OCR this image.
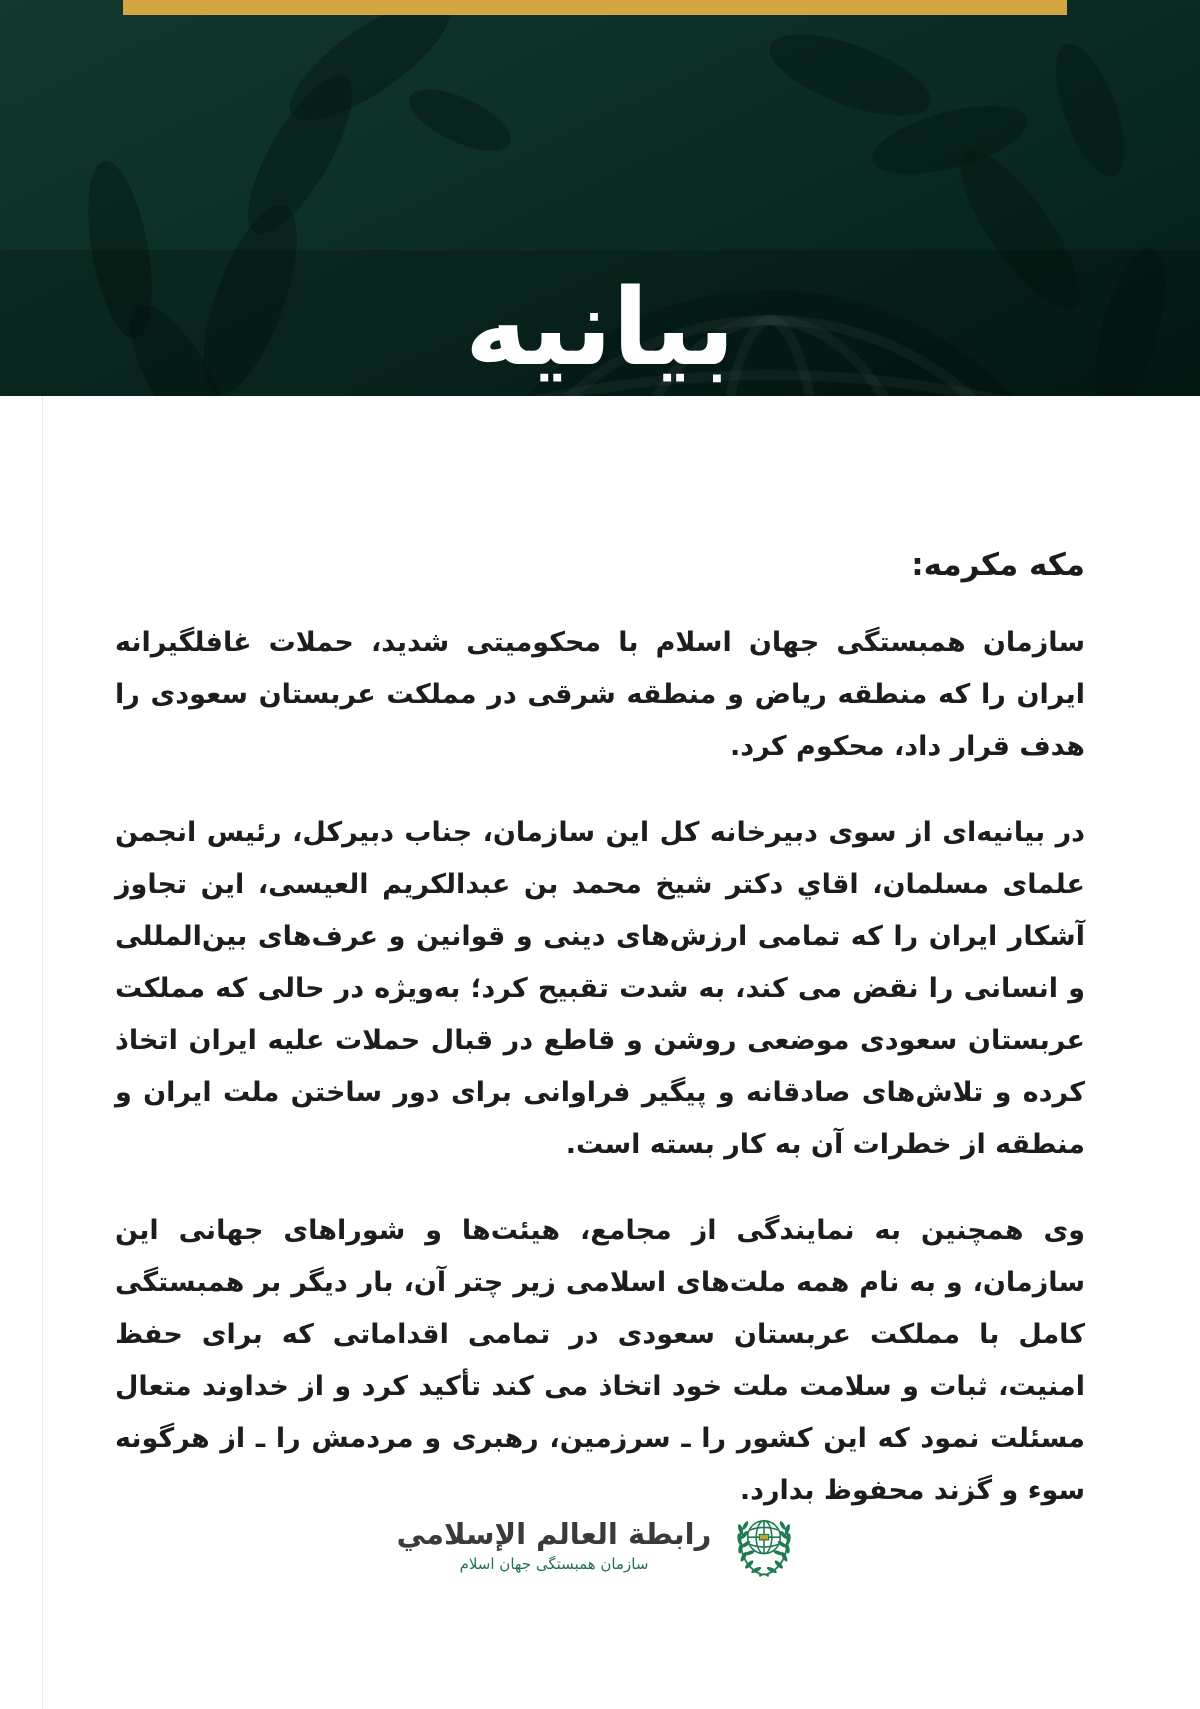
بیانیه
مكه مكرمه:

سازمان همبستگی جهان اسلام با محکومیتی شدید، حملات غافلگیرانه ایران را که منطقه ریاض و منطقه شرقی در مملکت عربستان سعودی را هدف قرار داد، محکوم کرد.

در بیانیه‌ای از سوی دبیرخانه کل این سازمان، جناب دبیرکل، رئیس انجمن علمای مسلمان، اقاي دکتر شیخ محمد بن عبدالکریم العیسی، این تجاوز آشکار ایران را که تمامی ارزش‌های دینی و قوانین و عرف‌های بین‌المللی و انسانی را نقض می کند، به شدت تقبیح کرد؛ به‌ویژه در حالی که مملکت عربستان سعودی موضعی روشن و قاطع در قبال حملات علیه ایران اتخاذ کرده و تلاش‌های صادقانه و پیگیر فراوانی برای دور ساختن ملت ایران و منطقه از خطرات آن به کار بسته است.

وی همچنین به نمایندگی از مجامع، هیئت‌ها و شوراهای جهانی این سازمان، و به نام همه ملت‌های اسلامی زیر چتر آن، بار دیگر بر همبستگی کامل با مملکت عربستان سعودی در تمامی اقداماتی که برای حفظ امنیت، ثبات و سلامت ملت خود اتخاذ می کند تأکید کرد و از خداوند متعال مسئلت نمود که این کشور را ـ سرزمین، رهبری و مردمش را ـ از هرگونه سوء و گزند محفوظ بدارد.

رابطة العالم الإسلامي
سازمان همبستگی جهان اسلام
